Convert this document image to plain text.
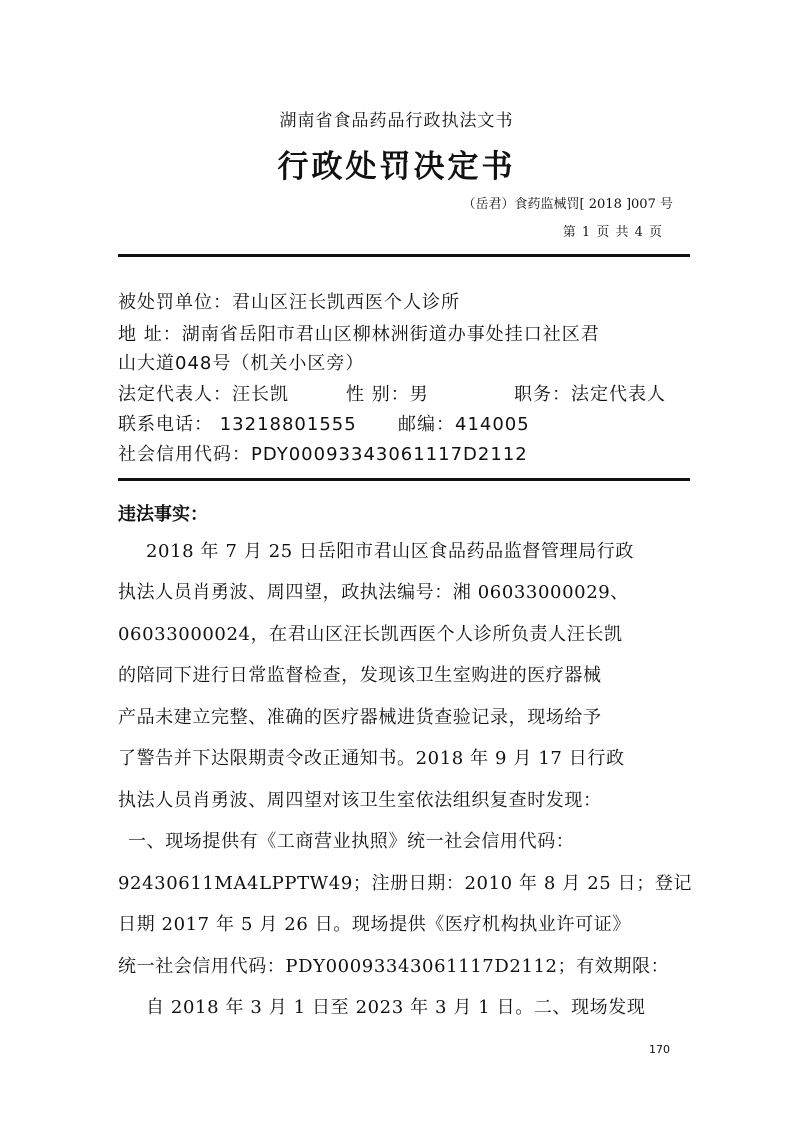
湖南省食品药品行政执法文书
行政处罚决定书
（岳君）食药监械罚[ 2018 ]007 号
第 1 页 共 4 页
被处罚单位：君山区汪长凯西医个人诊所
地 址：湖南省岳阳市君山区柳林洲街道办事处挂口社区君
山大道048号（机关小区旁）
法定代表人：汪长凯	性 别：男	职务：法定代表人
联系电话： 13218801555 邮编：414005
社会信用代码：PDY00093343061117D2112
违法事实：
2018 年 7 月 25 日岳阳市君山区食品药品监督管理局行政
执法人员肖勇波、周四望，政执法编号：湘 06033000029、
06033000024，在君山区汪长凯西医个人诊所负责人汪长凯
的陪同下进行日常监督检查，发现该卫生室购进的医疗器械
产品未建立完整、准确的医疗器械进货查验记录，现场给予
了警告并下达限期责令改正通知书。2018 年 9 月 17 日行政
执法人员肖勇波、周四望对该卫生室依法组织复查时发现：
一、现场提供有《工商营业执照》统一社会信用代码：
92430611MA4LPPTW49；注册日期：2010 年 8 月 25 日；登记
日期 2017 年 5 月 26 日。现场提供《医疗机构执业许可证》
统一社会信用代码：PDY00093343061117D2112；有效期限：
自 2018 年 3 月 1 日至 2023 年 3 月 1 日。二、现场发现
170
